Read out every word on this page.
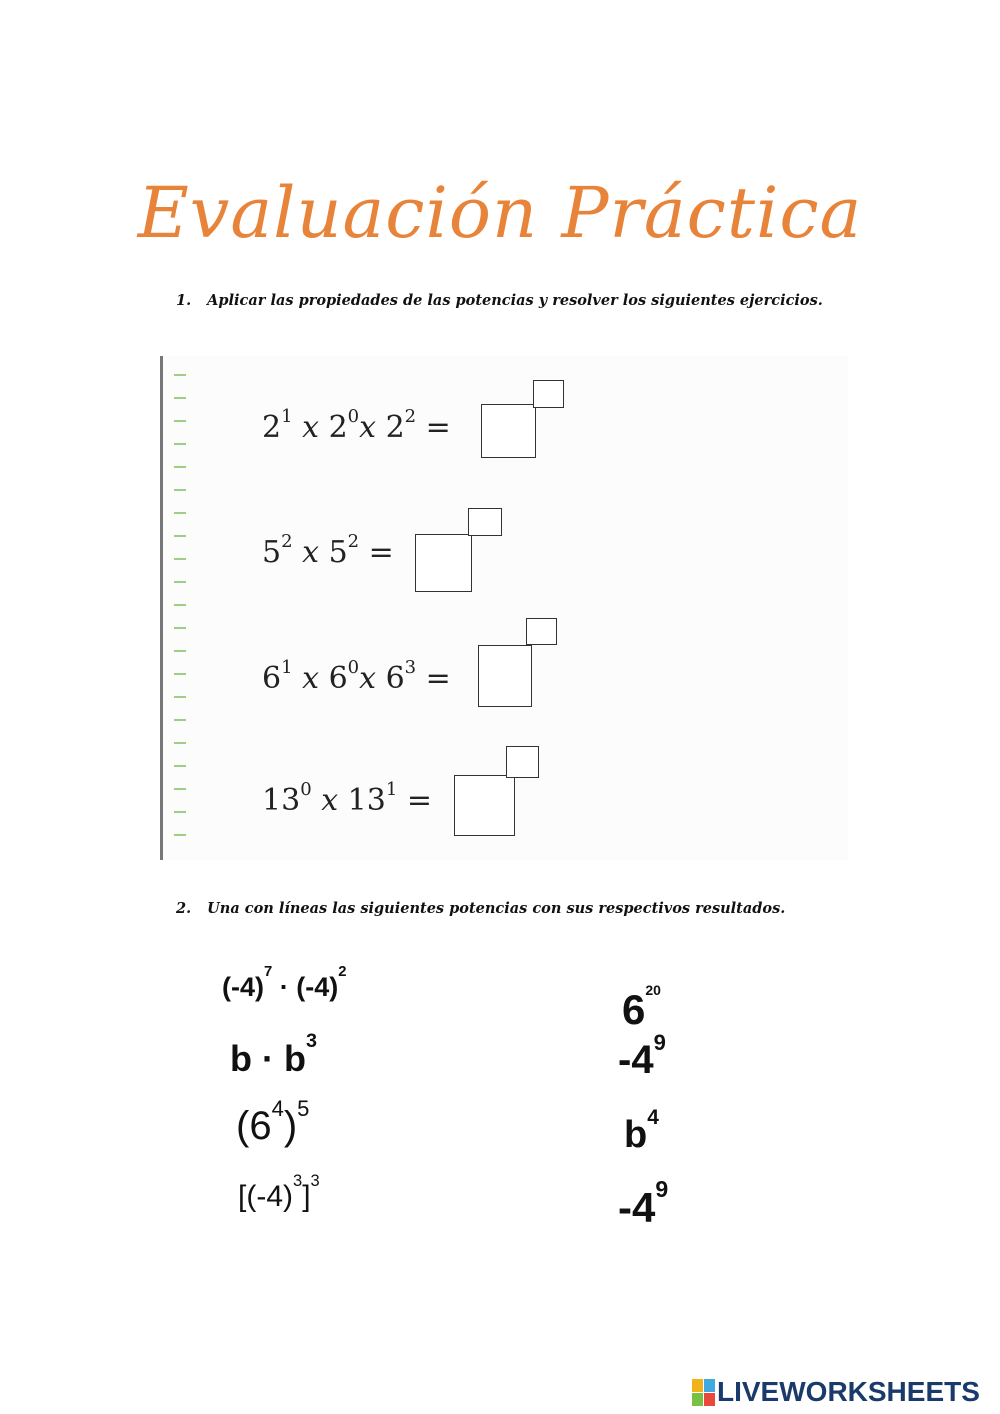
Evaluación Práctica
1. Aplicar las propiedades de las potencias y resolver los siguientes ejercicios.
$2^1$ x $2^0x$ $2^2$ =
$5^2$ x $5^2$ =
$6^1$ x $6^0x$ $6^3$ =
$13^0$ x $13^1$ =
2. Una con líneas las siguientes potencias con sus respectivos resultados.
$(-4)^7 \cdot (-4)^2$
$b \cdot b^3$
$(6^4)^5$
$[(-4)^3]^3$
$6^{20}$
$-4^9$
$b^4$
$-4^9$
LIVEWORKSHEETS
